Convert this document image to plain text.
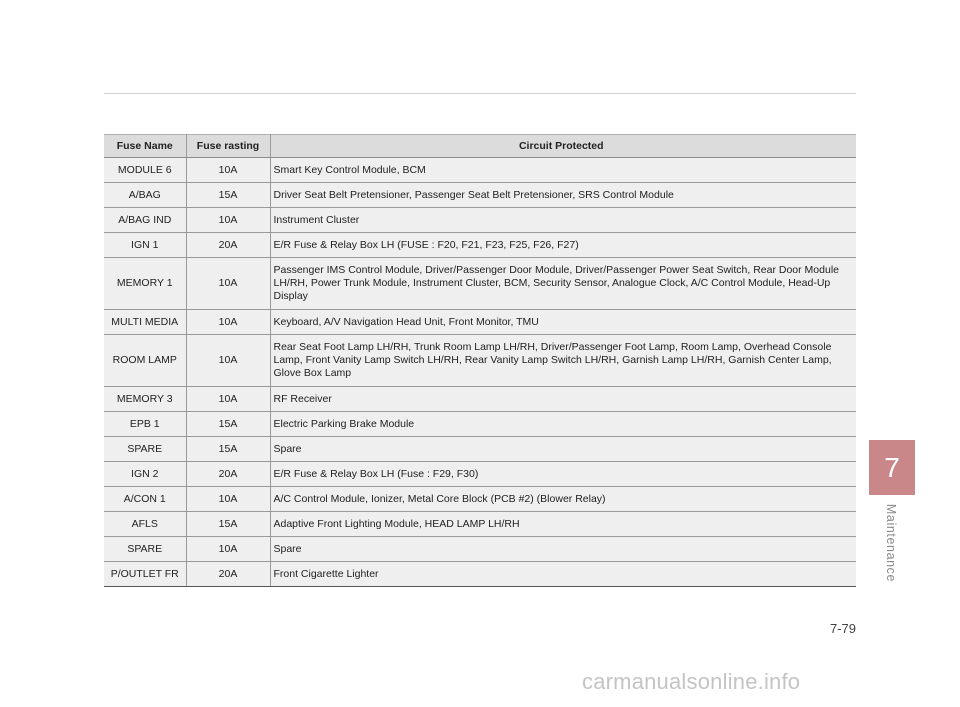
Fuse Name	Fuse rasting	Circuit Protected
MODULE 6	10A	Smart Key Control Module, BCM
A/BAG	15A	Driver Seat Belt Pretensioner, Passenger Seat Belt Pretensioner, SRS Control Module
A/BAG IND	10A	Instrument Cluster
IGN 1	20A	E/R Fuse & Relay Box LH (FUSE : F20, F21, F23, F25, F26, F27)
MEMORY 1	10A	Passenger IMS Control Module, Driver/Passenger Door Module, Driver/Passenger Power Seat Switch, Rear Door Module LH/RH, Power Trunk Module, Instrument Cluster, BCM, Security Sensor, Analogue Clock, A/C Control Module, Head-Up Display
MULTI MEDIA	10A	Keyboard, A/V Navigation Head Unit, Front Monitor, TMU
ROOM LAMP	10A	Rear Seat Foot Lamp LH/RH, Trunk Room Lamp LH/RH, Driver/Passenger Foot Lamp, Room Lamp, Overhead Console Lamp, Front Vanity Lamp Switch LH/RH, Rear Vanity Lamp Switch LH/RH, Garnish Lamp LH/RH, Garnish Center Lamp, Glove Box Lamp
MEMORY 3	10A	RF Receiver
EPB 1	15A	Electric Parking Brake Module
SPARE	15A	Spare
IGN 2	20A	E/R Fuse & Relay Box LH (Fuse : F29, F30)
A/CON 1	10A	A/C Control Module, Ionizer, Metal Core Block (PCB #2) (Blower Relay)
AFLS	15A	Adaptive Front Lighting Module, HEAD LAMP LH/RH
SPARE	10A	Spare
P/OUTLET FR	20A	Front Cigarette Lighter
7
Maintenance
7-79
carmanualsonline.info
